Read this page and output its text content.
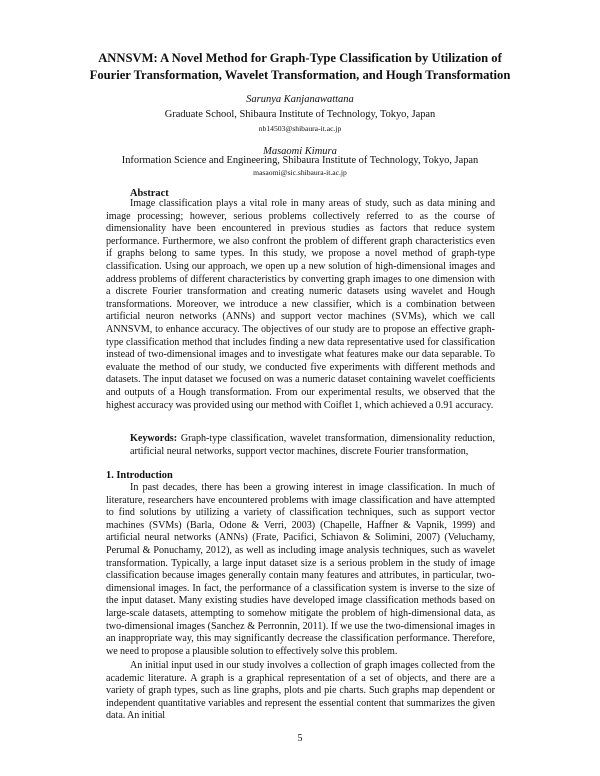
ANNSVM: A Novel Method for Graph-Type Classification by Utilization of
Fourier Transformation, Wavelet Transformation, and Hough Transformation
Sarunya Kanjanawattana
Graduate School, Shibaura Institute of Technology, Tokyo, Japan
nb14503@shibaura-it.ac.jp
Masaomi Kimura
Information Science and Engineering, Shibaura Institute of Technology, Tokyo, Japan
masaomi@sic.shibaura-it.ac.jp
Abstract

Image classification plays a vital role in many areas of study, such as data mining and image processing; however, serious problems collectively referred to as the course of dimensionality have been encountered in previous studies as factors that reduce system performance. Furthermore, we also confront the problem of different graph characteristics even if graphs belong to same types. In this study, we propose a novel method of graph-type classification. Using our approach, we open up a new solution of high-dimensional images and address problems of different characteristics by converting graph images to one dimension with a discrete Fourier transformation and creating numeric datasets using wavelet and Hough transformations. Moreover, we introduce a new classifier, which is a combination between artificial neuron networks (ANNs) and support vector machines (SVMs), which we call ANNSVM, to enhance accuracy. The objectives of our study are to propose an effective graph-type classification method that includes finding a new data representative used for classification instead of two-dimensional images and to investigate what features make our data separable. To evaluate the method of our study, we conducted five experiments with different methods and datasets. The input dataset we focused on was a numeric dataset containing wavelet coefficients and outputs of a Hough transformation. From our experimental results, we observed that the highest accuracy was provided using our method with Coiflet 1, which achieved a 0.91 accuracy.

Keywords: Graph-type classification, wavelet transformation, dimensionality reduction, artificial neural networks, support vector machines, discrete Fourier transformation,

1. Introduction

In past decades, there has been a growing interest in image classification. In much of literature, researchers have encountered problems with image classification and have attempted to find solutions by utilizing a variety of classification techniques, such as support vector machines (SVMs) (Barla, Odone & Verri, 2003) (Chapelle, Haffner & Vapnik, 1999) and artificial neural networks (ANNs) (Frate, Pacifici, Schiavon & Solimini, 2007) (Veluchamy, Perumal & Ponuchamy, 2012), as well as including image analysis techniques, such as wavelet transformation. Typically, a large input dataset size is a serious problem in the study of image classification because images generally contain many features and attributes, in particular, two-dimensional images. In fact, the performance of a classification system is inverse to the size of the input dataset. Many existing studies have developed image classification methods based on large-scale datasets, attempting to somehow mitigate the problem of high-dimensional data, as two-dimensional images (Sanchez & Perronnin, 2011). If we use the two-dimensional images in an inappropriate way, this may significantly decrease the classification performance. Therefore, we need to propose a plausible solution to effectively solve this problem.

An initial input used in our study involves a collection of graph images collected from the academic literature. A graph is a graphical representation of a set of objects, and there are a variety of graph types, such as line graphs, plots and pie charts. Such graphs map dependent or independent quantitative variables and represent the essential content that summarizes the given data. An initial

5
